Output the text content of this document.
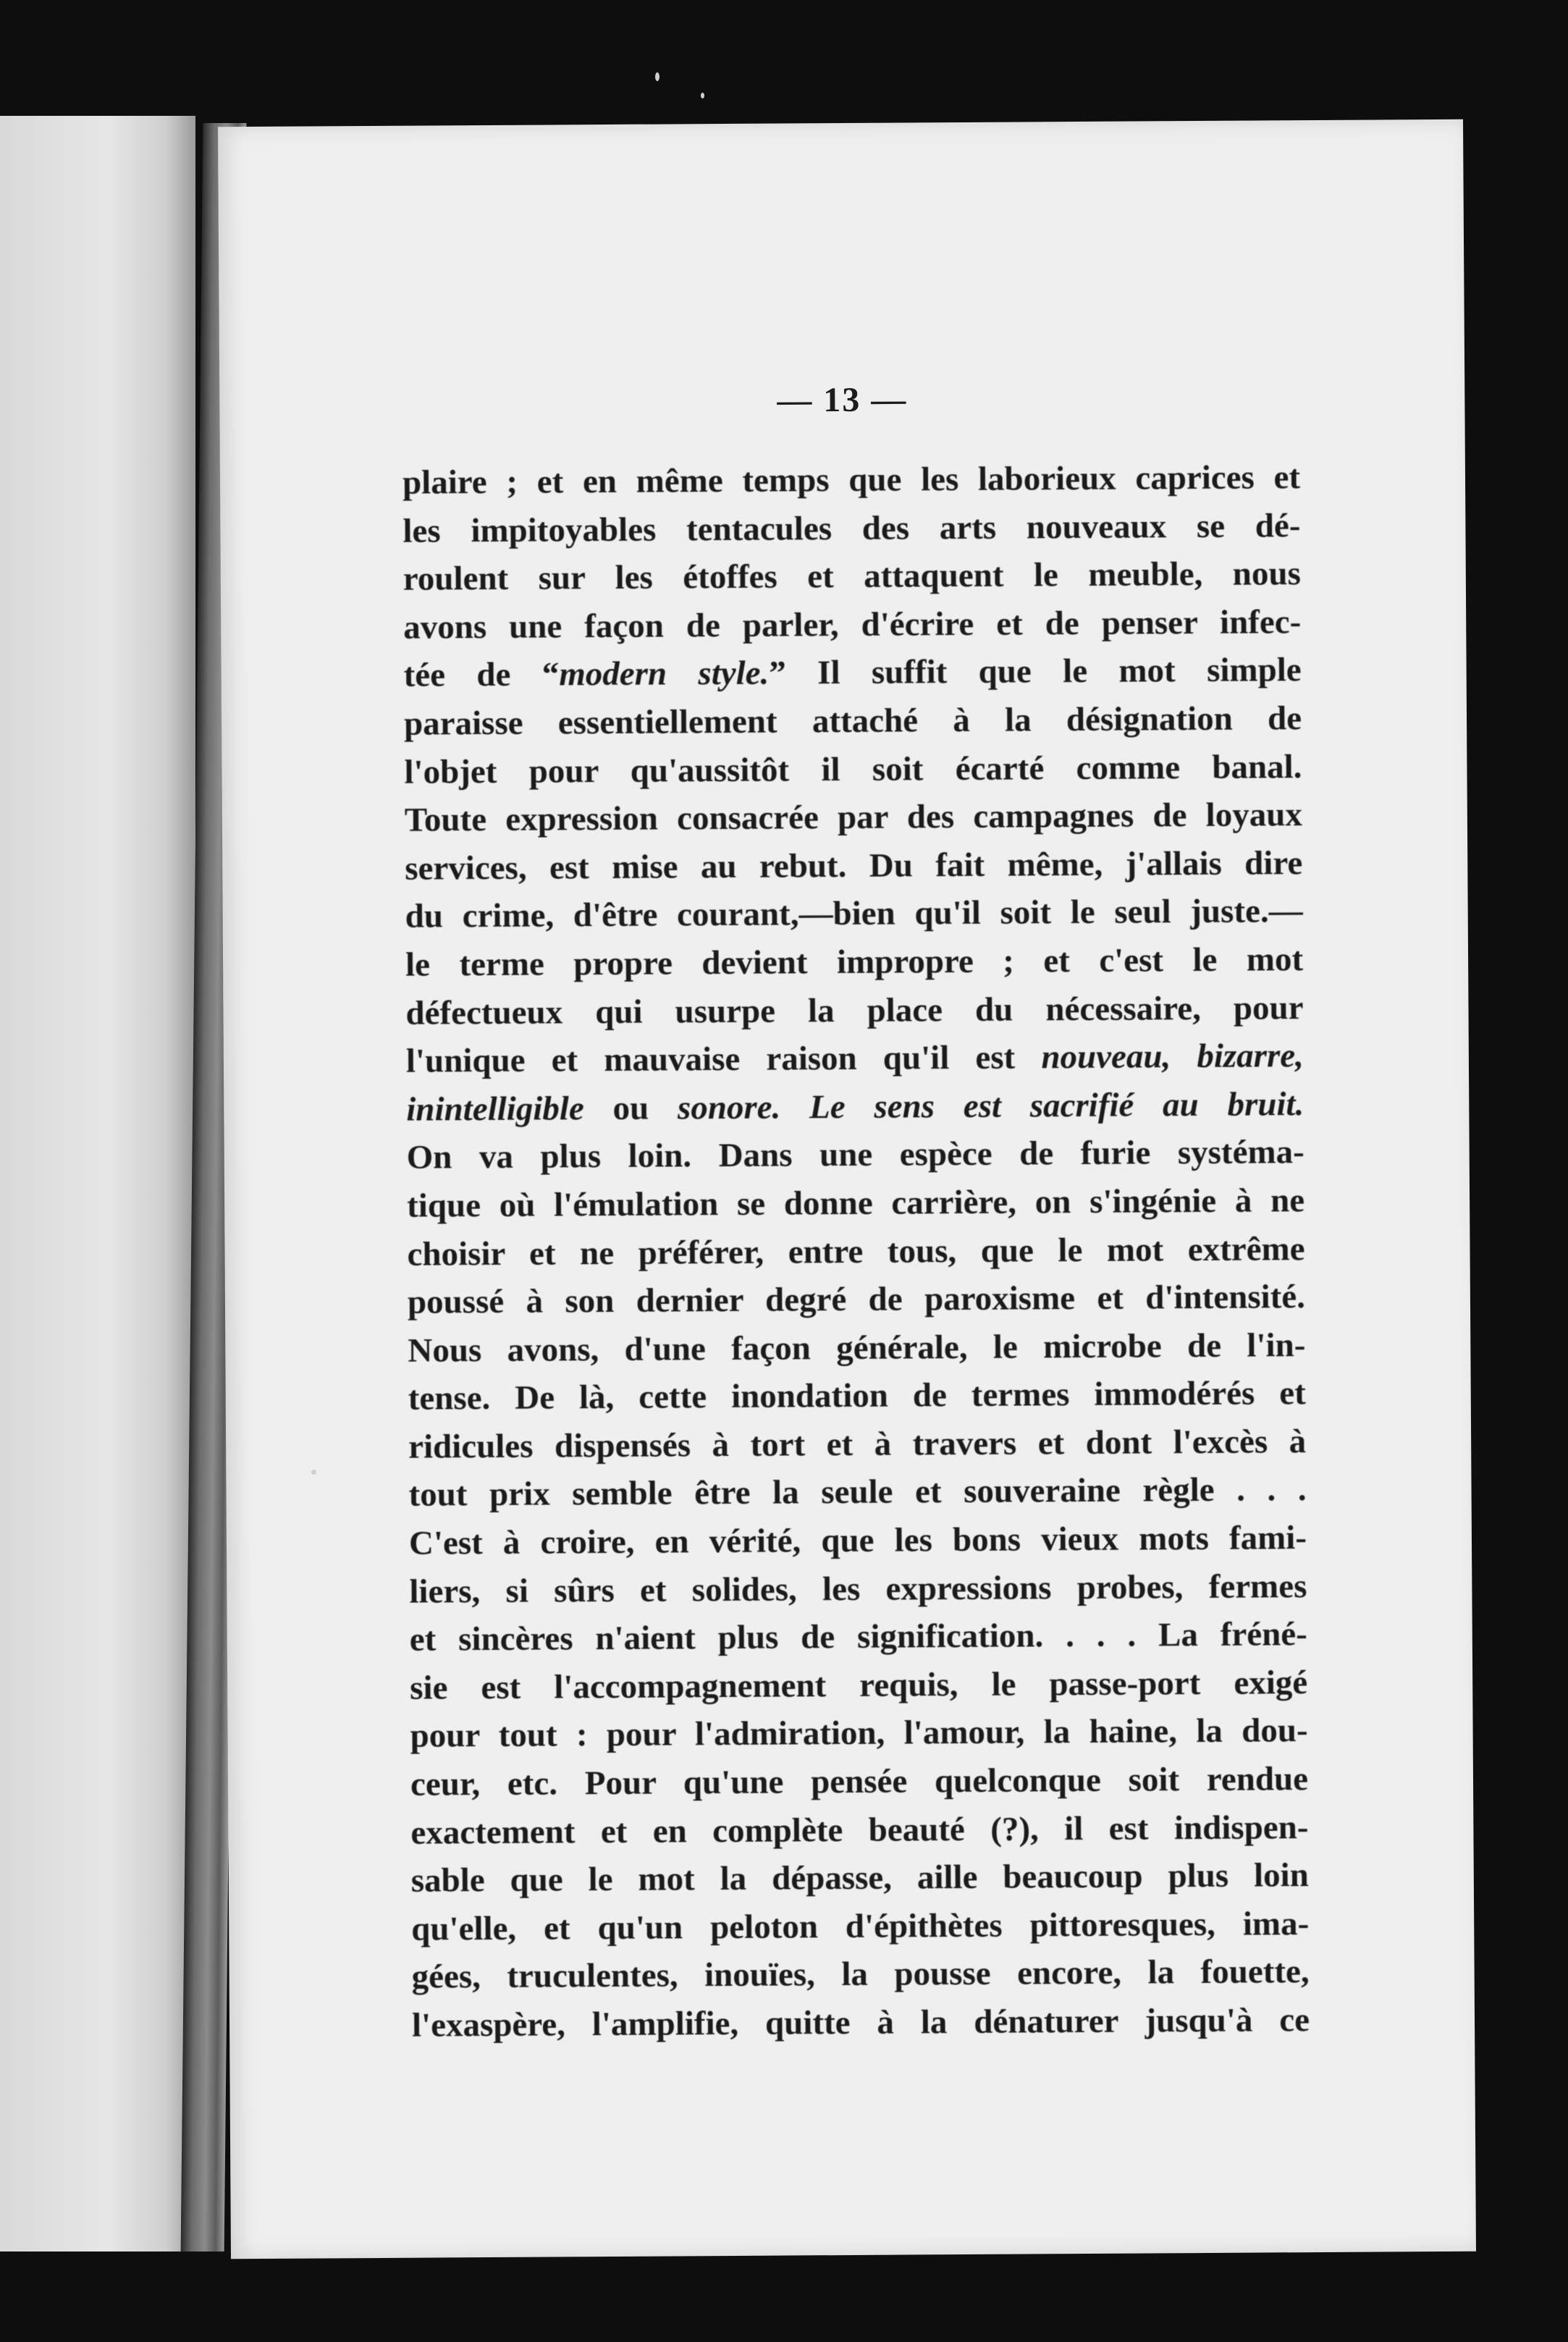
— 13 —
plaire ; et en même temps que les laborieux caprices et
les impitoyables tentacules des arts nouveaux se dé-
roulent sur les étoffes et attaquent le meuble, nous
avons une façon de parler, d'écrire et de penser infec-
tée de “modern style.” Il suffit que le mot simple
paraisse essentiellement attaché à la désignation de
l'objet pour qu'aussitôt il soit écarté comme banal.
Toute expression consacrée par des campagnes de loyaux
services, est mise au rebut. Du fait même, j'allais dire
du crime, d'être courant,—bien qu'il soit le seul juste.—
le terme propre devient impropre ; et c'est le mot
défectueux qui usurpe la place du nécessaire, pour
l'unique et mauvaise raison qu'il est nouveau, bizarre,
inintelligible ou sonore. Le sens est sacrifié au bruit.
On va plus loin. Dans une espèce de furie systéma-
tique où l'émulation se donne carrière, on s'ingénie à ne
choisir et ne préférer, entre tous, que le mot extrême
poussé à son dernier degré de paroxisme et d'intensité.
Nous avons, d'une façon générale, le microbe de l'in-
tense. De là, cette inondation de termes immodérés et
ridicules dispensés à tort et à travers et dont l'excès à
tout prix semble être la seule et souveraine règle . . .
C'est à croire, en vérité, que les bons vieux mots fami-
liers, si sûrs et solides, les expressions probes, fermes
et sincères n'aient plus de signification. . . . La fréné-
sie est l'accompagnement requis, le passe-port exigé
pour tout : pour l'admiration, l'amour, la haine, la dou-
ceur, etc. Pour qu'une pensée quelconque soit rendue
exactement et en complète beauté (?), il est indispen-
sable que le mot la dépasse, aille beaucoup plus loin
qu'elle, et qu'un peloton d'épithètes pittoresques, ima-
gées, truculentes, inouïes, la pousse encore, la fouette,
l'exaspère, l'amplifie, quitte à la dénaturer jusqu'à ce
